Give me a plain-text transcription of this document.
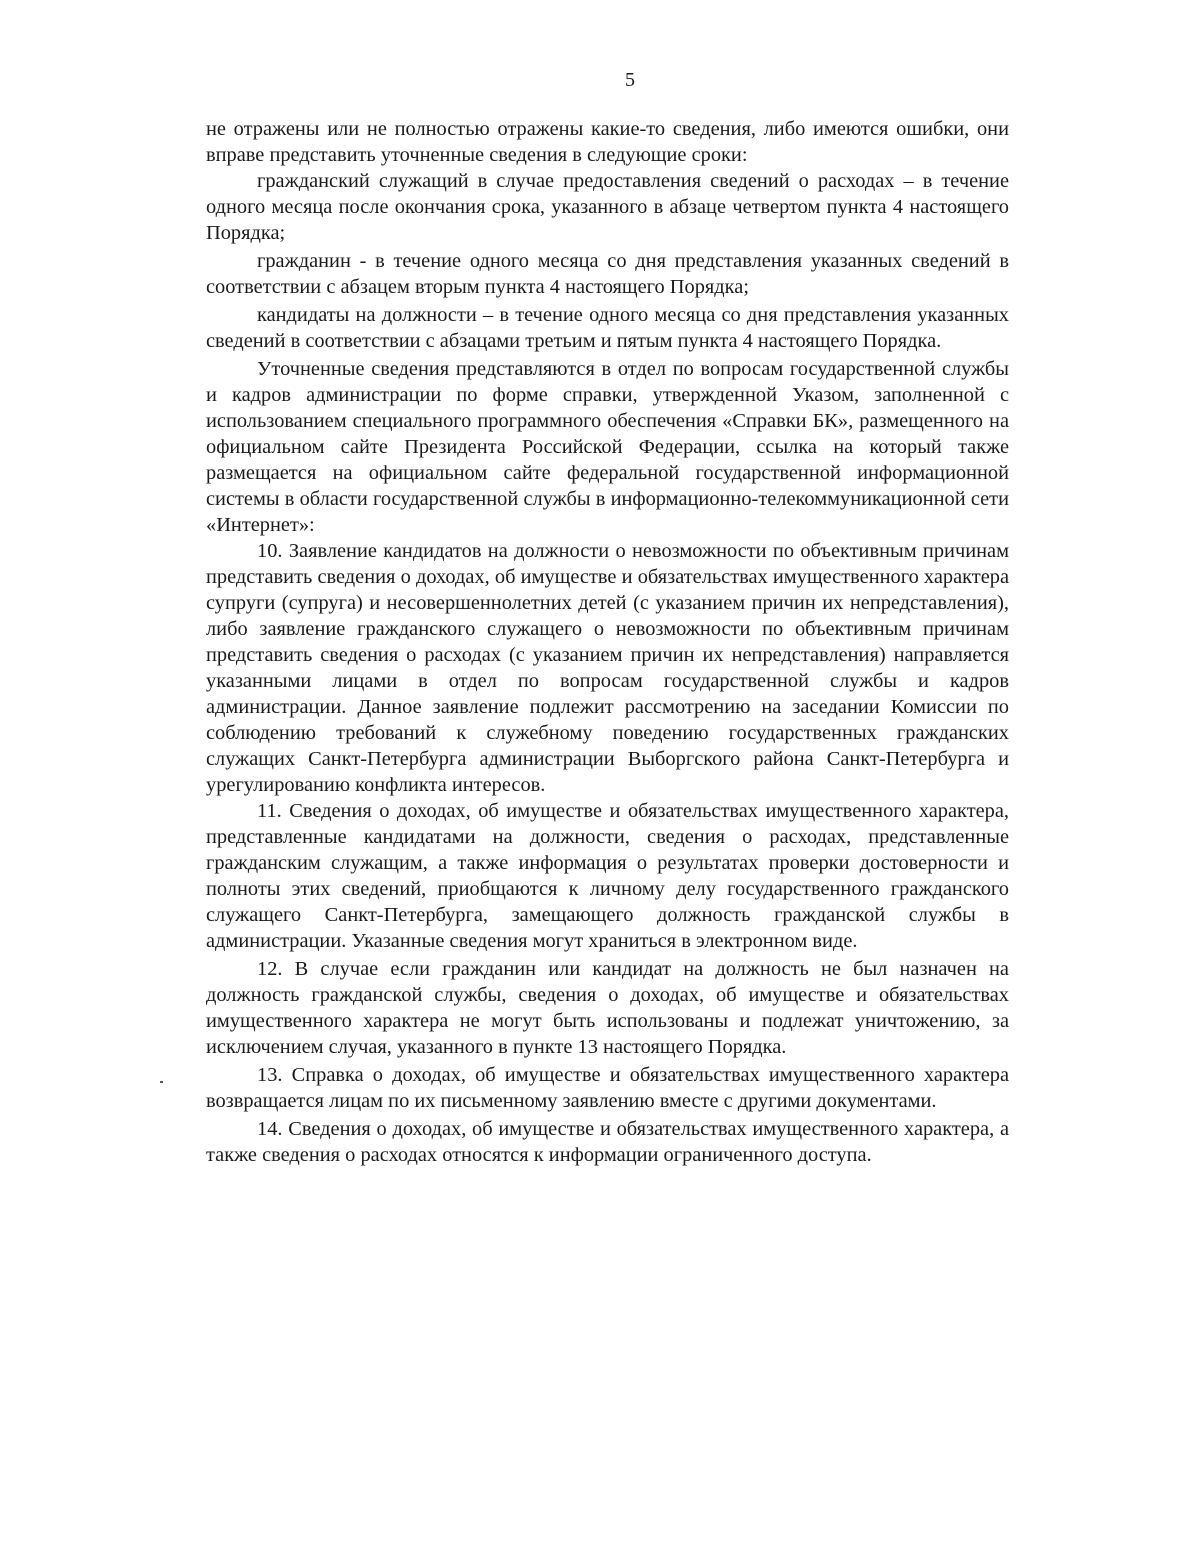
5

не отражены или не полностью отражены какие-то сведения, либо имеются ошибки, они вправе представить уточненные сведения в следующие сроки:

гражданский служащий в случае предоставления сведений о расходах – в течение одного месяца после окончания срока, указанного в абзаце четвертом пункта 4 настоящего Порядка;

гражданин - в течение одного месяца со дня представления указанных сведений в соответствии с абзацем вторым пункта 4 настоящего Порядка;

кандидаты на должности – в течение одного месяца со дня представления указанных сведений в соответствии с абзацами третьим и пятым пункта 4 настоящего Порядка.

Уточненные сведения представляются в отдел по вопросам государственной службы и кадров администрации по форме справки, утвержденной Указом, заполненной с использованием специального программного обеспечения «Справки БК», размещенного на официальном сайте Президента Российской Федерации, ссылка на который также размещается на официальном сайте федеральной государственной информационной системы в области государственной службы в информационно-телекоммуникационной сети «Интернет»:

10. Заявление кандидатов на должности о невозможности по объективным причинам представить сведения о доходах, об имуществе и обязательствах имущественного характера супруги (супруга) и несовершеннолетних детей (с указанием причин их непредставления), либо заявление гражданского служащего о невозможности по объективным причинам представить сведения о расходах (с указанием причин их непредставления) направляется указанными лицами в отдел по вопросам государственной службы и кадров администрации. Данное заявление подлежит рассмотрению на заседании Комиссии по соблюдению требований к служебному поведению государственных гражданских служащих Санкт-Петербурга администрации Выборгского района Санкт-Петербурга и урегулированию конфликта интересов.

11. Сведения о доходах, об имуществе и обязательствах имущественного характера, представленные кандидатами на должности, сведения о расходах, представленные гражданским служащим, а также информация о результатах проверки достоверности и полноты этих сведений, приобщаются к личному делу государственного гражданского служащего Санкт-Петербурга, замещающего должность гражданской службы в администрации. Указанные сведения могут храниться в электронном виде.

12. В случае если гражданин или кандидат на должность не был назначен на должность гражданской службы, сведения о доходах, об имуществе и обязательствах имущественного характера не могут быть использованы и подлежат уничтожению, за исключением случая, указанного в пункте 13 настоящего Порядка.

13. Справка о доходах, об имуществе и обязательствах имущественного характера возвращается лицам по их письменному заявлению вместе с другими документами.

14. Сведения о доходах, об имуществе и обязательствах имущественного характера, а также сведения о расходах относятся к информации ограниченного доступа.
